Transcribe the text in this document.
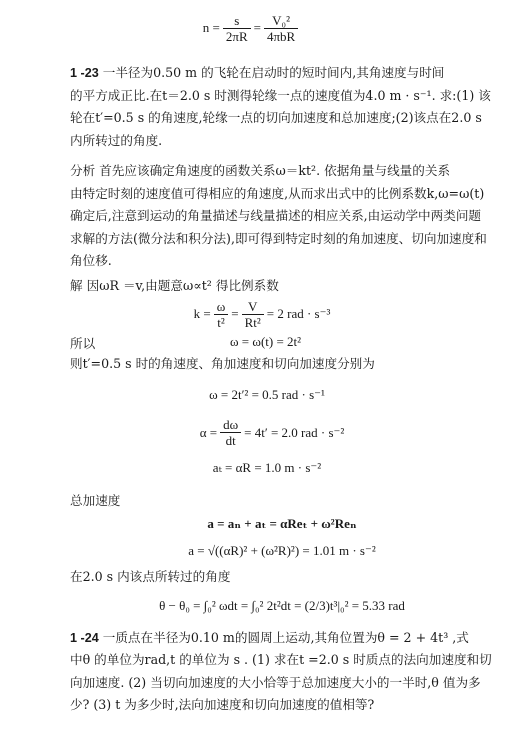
$n = \frac{s}{2\pi R} = \frac{\text{V₀²}}{\text{4πbR}}$

1 -23 一半径为0.50 m 的飞轮在启动时的短时间内,其角速度与时间

的平方成正比.在t＝2.0 s 时测得轮缘一点的速度值为4.0 m · s⁻¹. 求:(1) 该

轮在t′=0.5 s 的角速度,轮缘一点的切向加速度和总加速度;(2)该点在2.0 s

内所转过的角度.

分析 首先应该确定角速度的函数关系ω＝kt². 依据角量与线量的关系

由特定时刻的速度值可得相应的角速度,从而求出式中的比例系数k,ω=ω(t)

确定后,注意到运动的角量描述与线量描述的相应关系,由运动学中两类问题

求解的方法(微分法和积分法),即可得到特定时刻的角加速度、切向加速度和

角位移.

解 因ωR ＝v,由题意ω∝t² 得比例系数

$k = \frac{\omega}{\text{t²}} = \frac{V}{\text{Rt²}} = 2$ rad · s⁻³
所以	ω = ω(t) = 2t²

则t′=0.5 s 时的角速度、角加速度和切向加速度分别为

ω = 2t′² = 0.5 rad · s⁻¹
$\alpha = \frac{d\omega}{dt} = 4t' = 2.0$ rad · s⁻²
aₜ = αR = 1.0 m · s⁻²

总加速度

a = aₙ + aₜ = αReₜ + ω²Reₙ
a = √((αR)² + (ω²R)²) = 1.01 m · s⁻²

在2.0 s 内该点所转过的角度

θ − θ₀ = ∫₀² ωdt = ∫₀² 2t²dt = (2/3)t³|₀² = 5.33 rad

1 -24 一质点在半径为0.10 m的圆周上运动,其角位置为θ = 2 + 4t³ ,式

中θ 的单位为rad,t 的单位为 s . (1) 求在t =2.0 s 时质点的法向加速度和切

向加速度. (2) 当切向加速度的大小恰等于总加速度大小的一半时,θ 值为多

少? (3) t 为多少时,法向加速度和切向加速度的值相等?
